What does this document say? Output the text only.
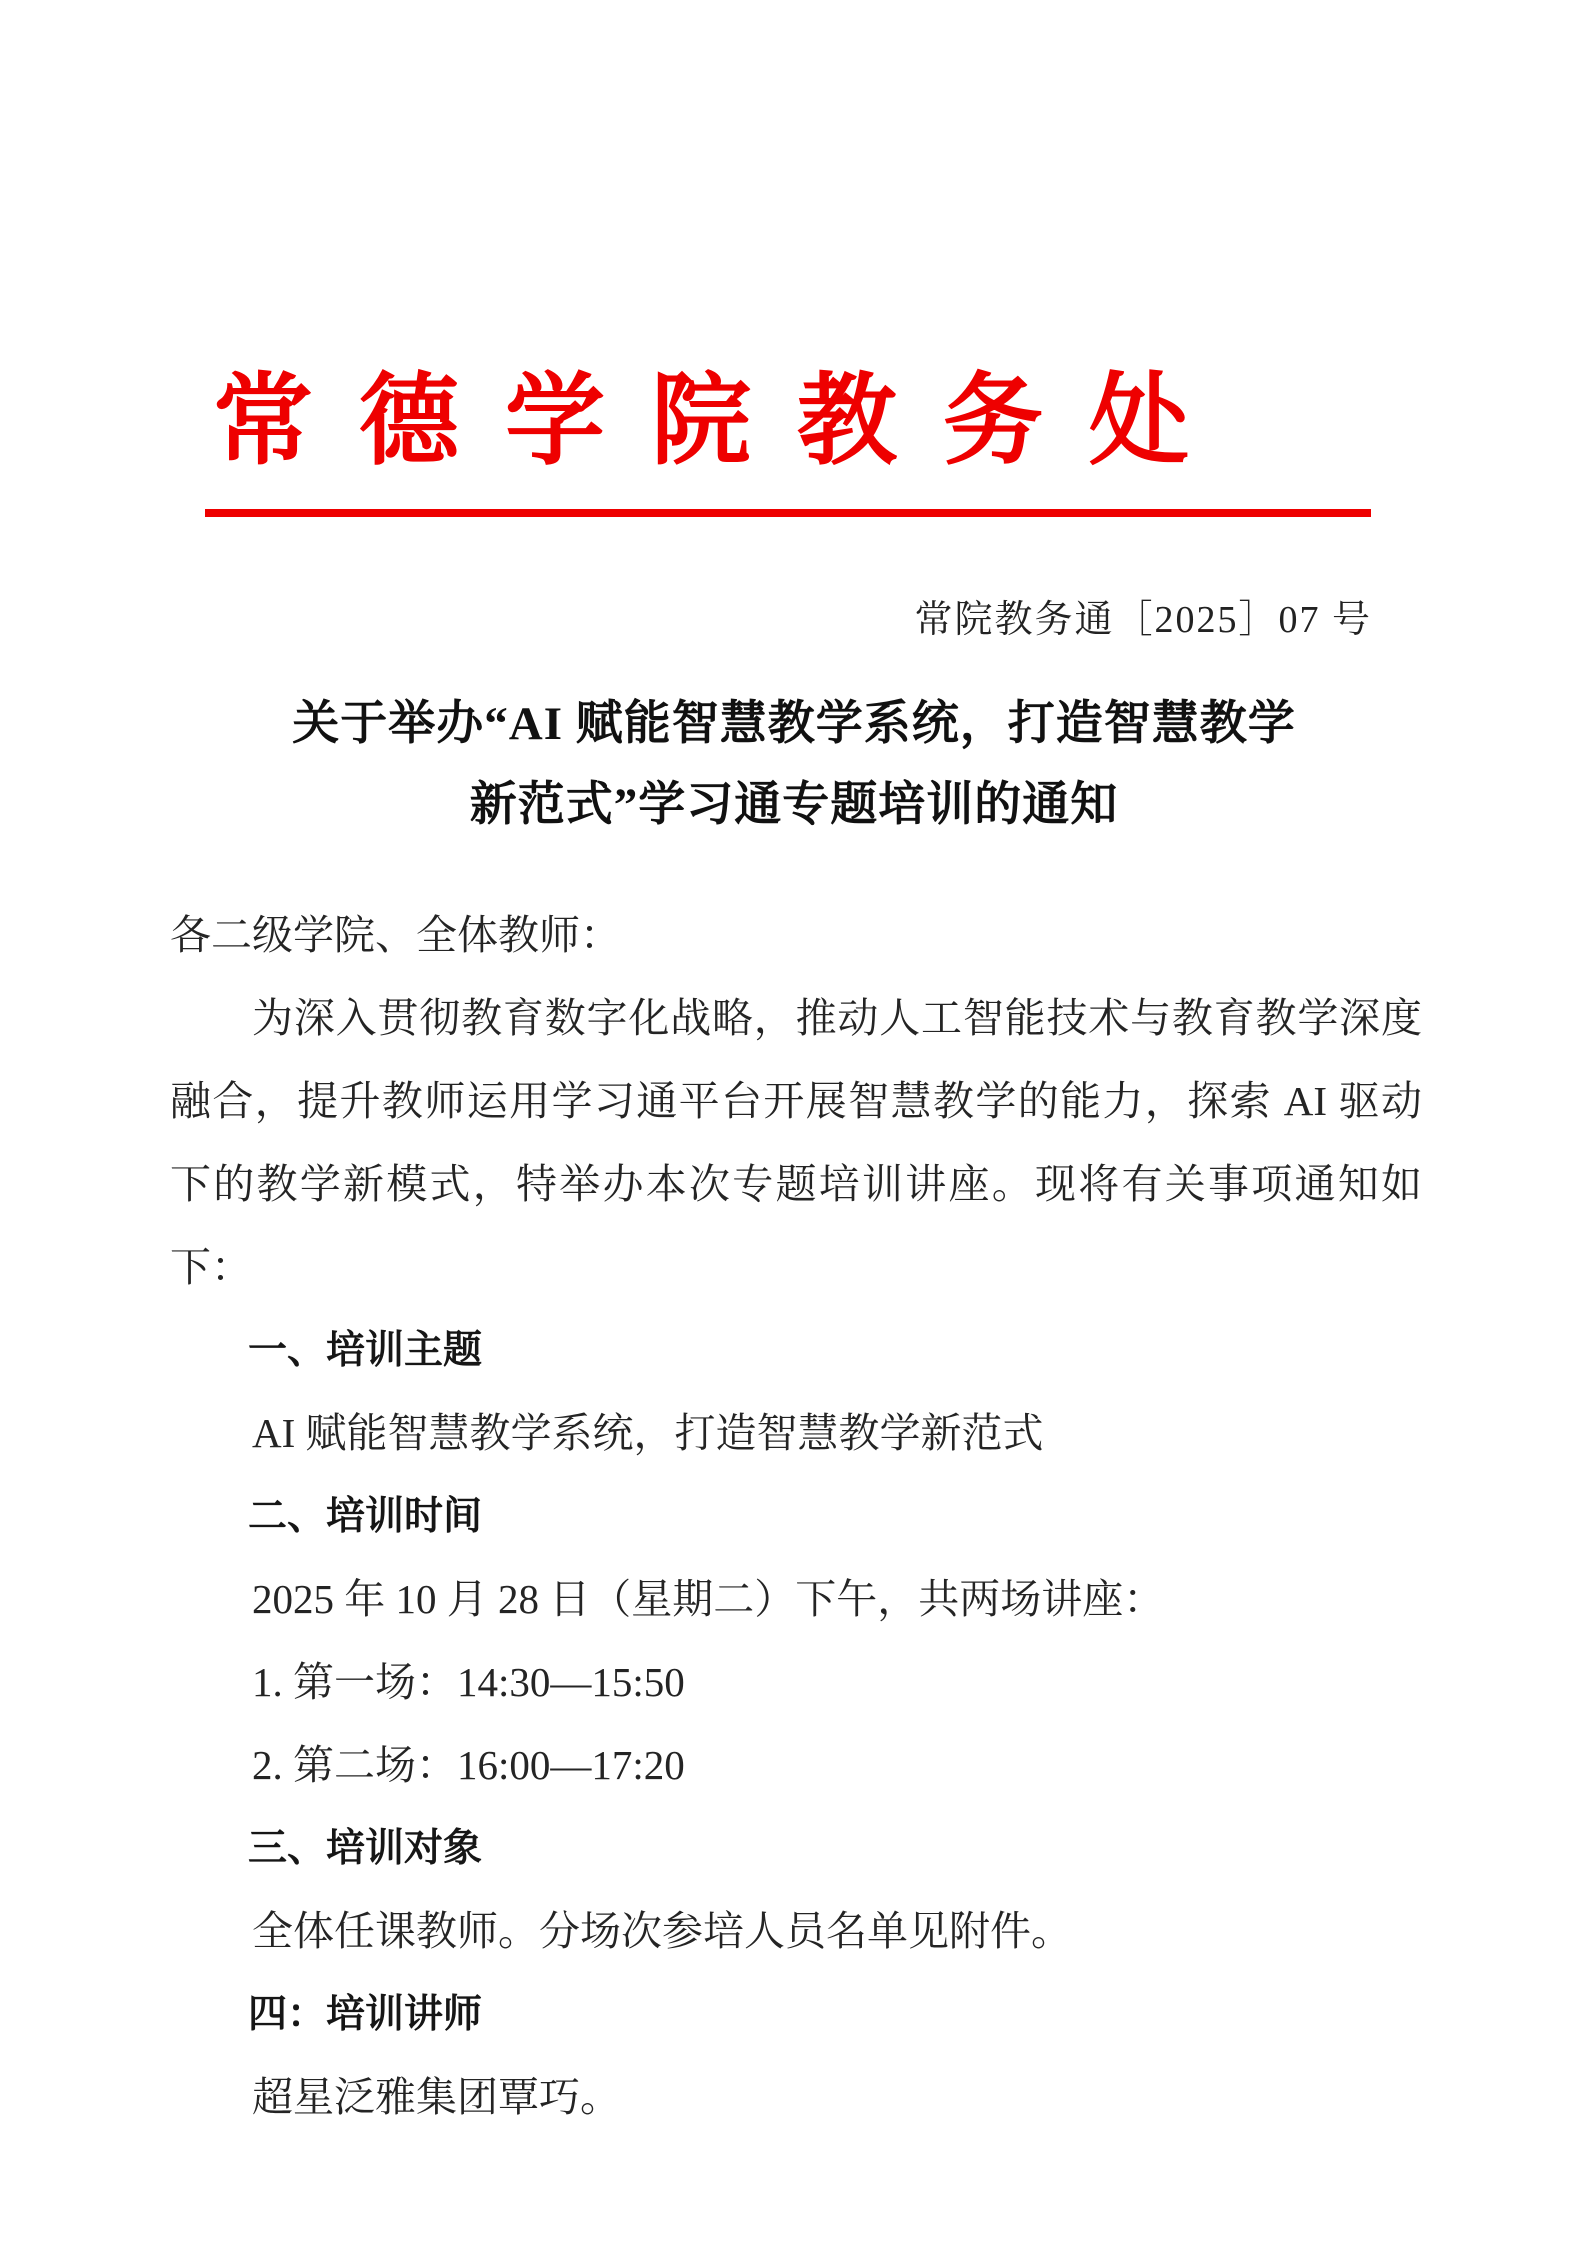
常德学院教务处
常院教务通［2025］07 号
关于举办“AI 赋能智慧教学系统，打造智慧教学
新范式”学习通专题培训的通知

各二级学院、全体教师：

为深入贯彻教育数字化战略，推动人工智能技术与教育教学深度融合，提升教师运用学习通平台开展智慧教学的能力，探索 AI 驱动下的教学新模式，特举办本次专题培训讲座。现将有关事项通知如下：

一、培训主题

AI 赋能智慧教学系统，打造智慧教学新范式

二、培训时间

2025 年 10 月 28 日（星期二）下午，共两场讲座：

1. 第一场：14:30—15:50

2. 第二场：16:00—17:20

三、培训对象

全体任课教师。分场次参培人员名单见附件。

四：培训讲师

超星泛雅集团覃巧。
